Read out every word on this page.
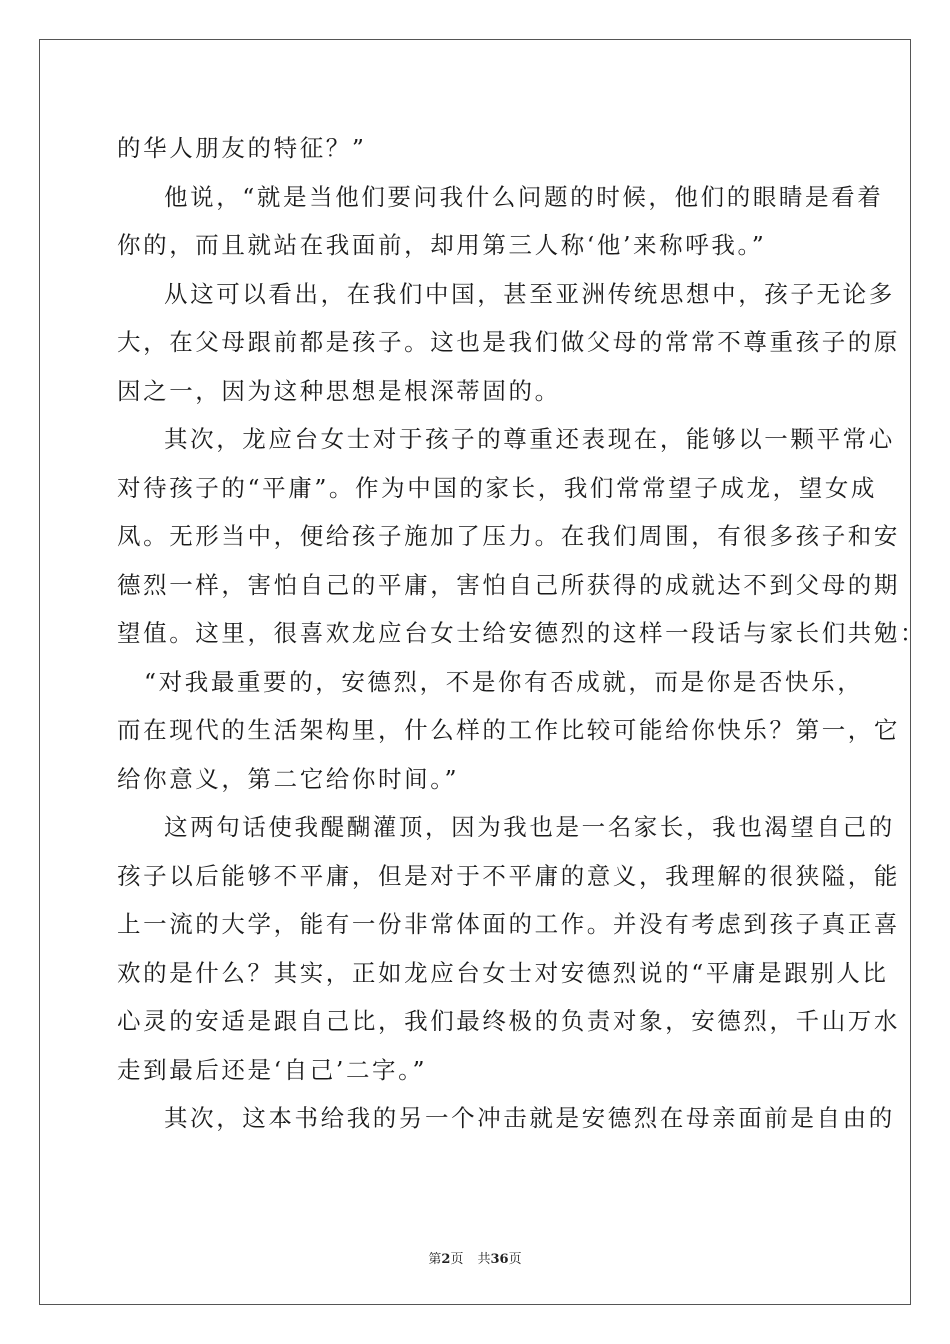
的华人朋友的特征？”
他说，“就是当他们要问我什么问题的时候，他们的眼睛是看着
你的，而且就站在我面前，却用第三人称‘他’来称呼我。”
从这可以看出，在我们中国，甚至亚洲传统思想中，孩子无论多
大，在父母跟前都是孩子。这也是我们做父母的常常不尊重孩子的原
因之一，因为这种思想是根深蒂固的。
其次，龙应台女士对于孩子的尊重还表现在，能够以一颗平常心
对待孩子的“平庸”。作为中国的家长，我们常常望子成龙，望女成
凤。无形当中，便给孩子施加了压力。在我们周围，有很多孩子和安
德烈一样，害怕自己的平庸，害怕自己所获得的成就达不到父母的期
望值。这里，很喜欢龙应台女士给安德烈的这样一段话与家长们共勉：
“对我最重要的，安德烈，不是你有否成就，而是你是否快乐，
而在现代的生活架构里，什么样的工作比较可能给你快乐？第一，它
给你意义，第二它给你时间。”
这两句话使我醍醐灌顶，因为我也是一名家长，我也渴望自己的
孩子以后能够不平庸，但是对于不平庸的意义，我理解的很狭隘，能
上一流的大学，能有一份非常体面的工作。并没有考虑到孩子真正喜
欢的是什么？其实，正如龙应台女士对安德烈说的“平庸是跟别人比
心灵的安适是跟自己比，我们最终极的负责对象，安德烈，千山万水
走到最后还是‘自己’二字。”
其次，这本书给我的另一个冲击就是安德烈在母亲面前是自由的
第2页 共36页
